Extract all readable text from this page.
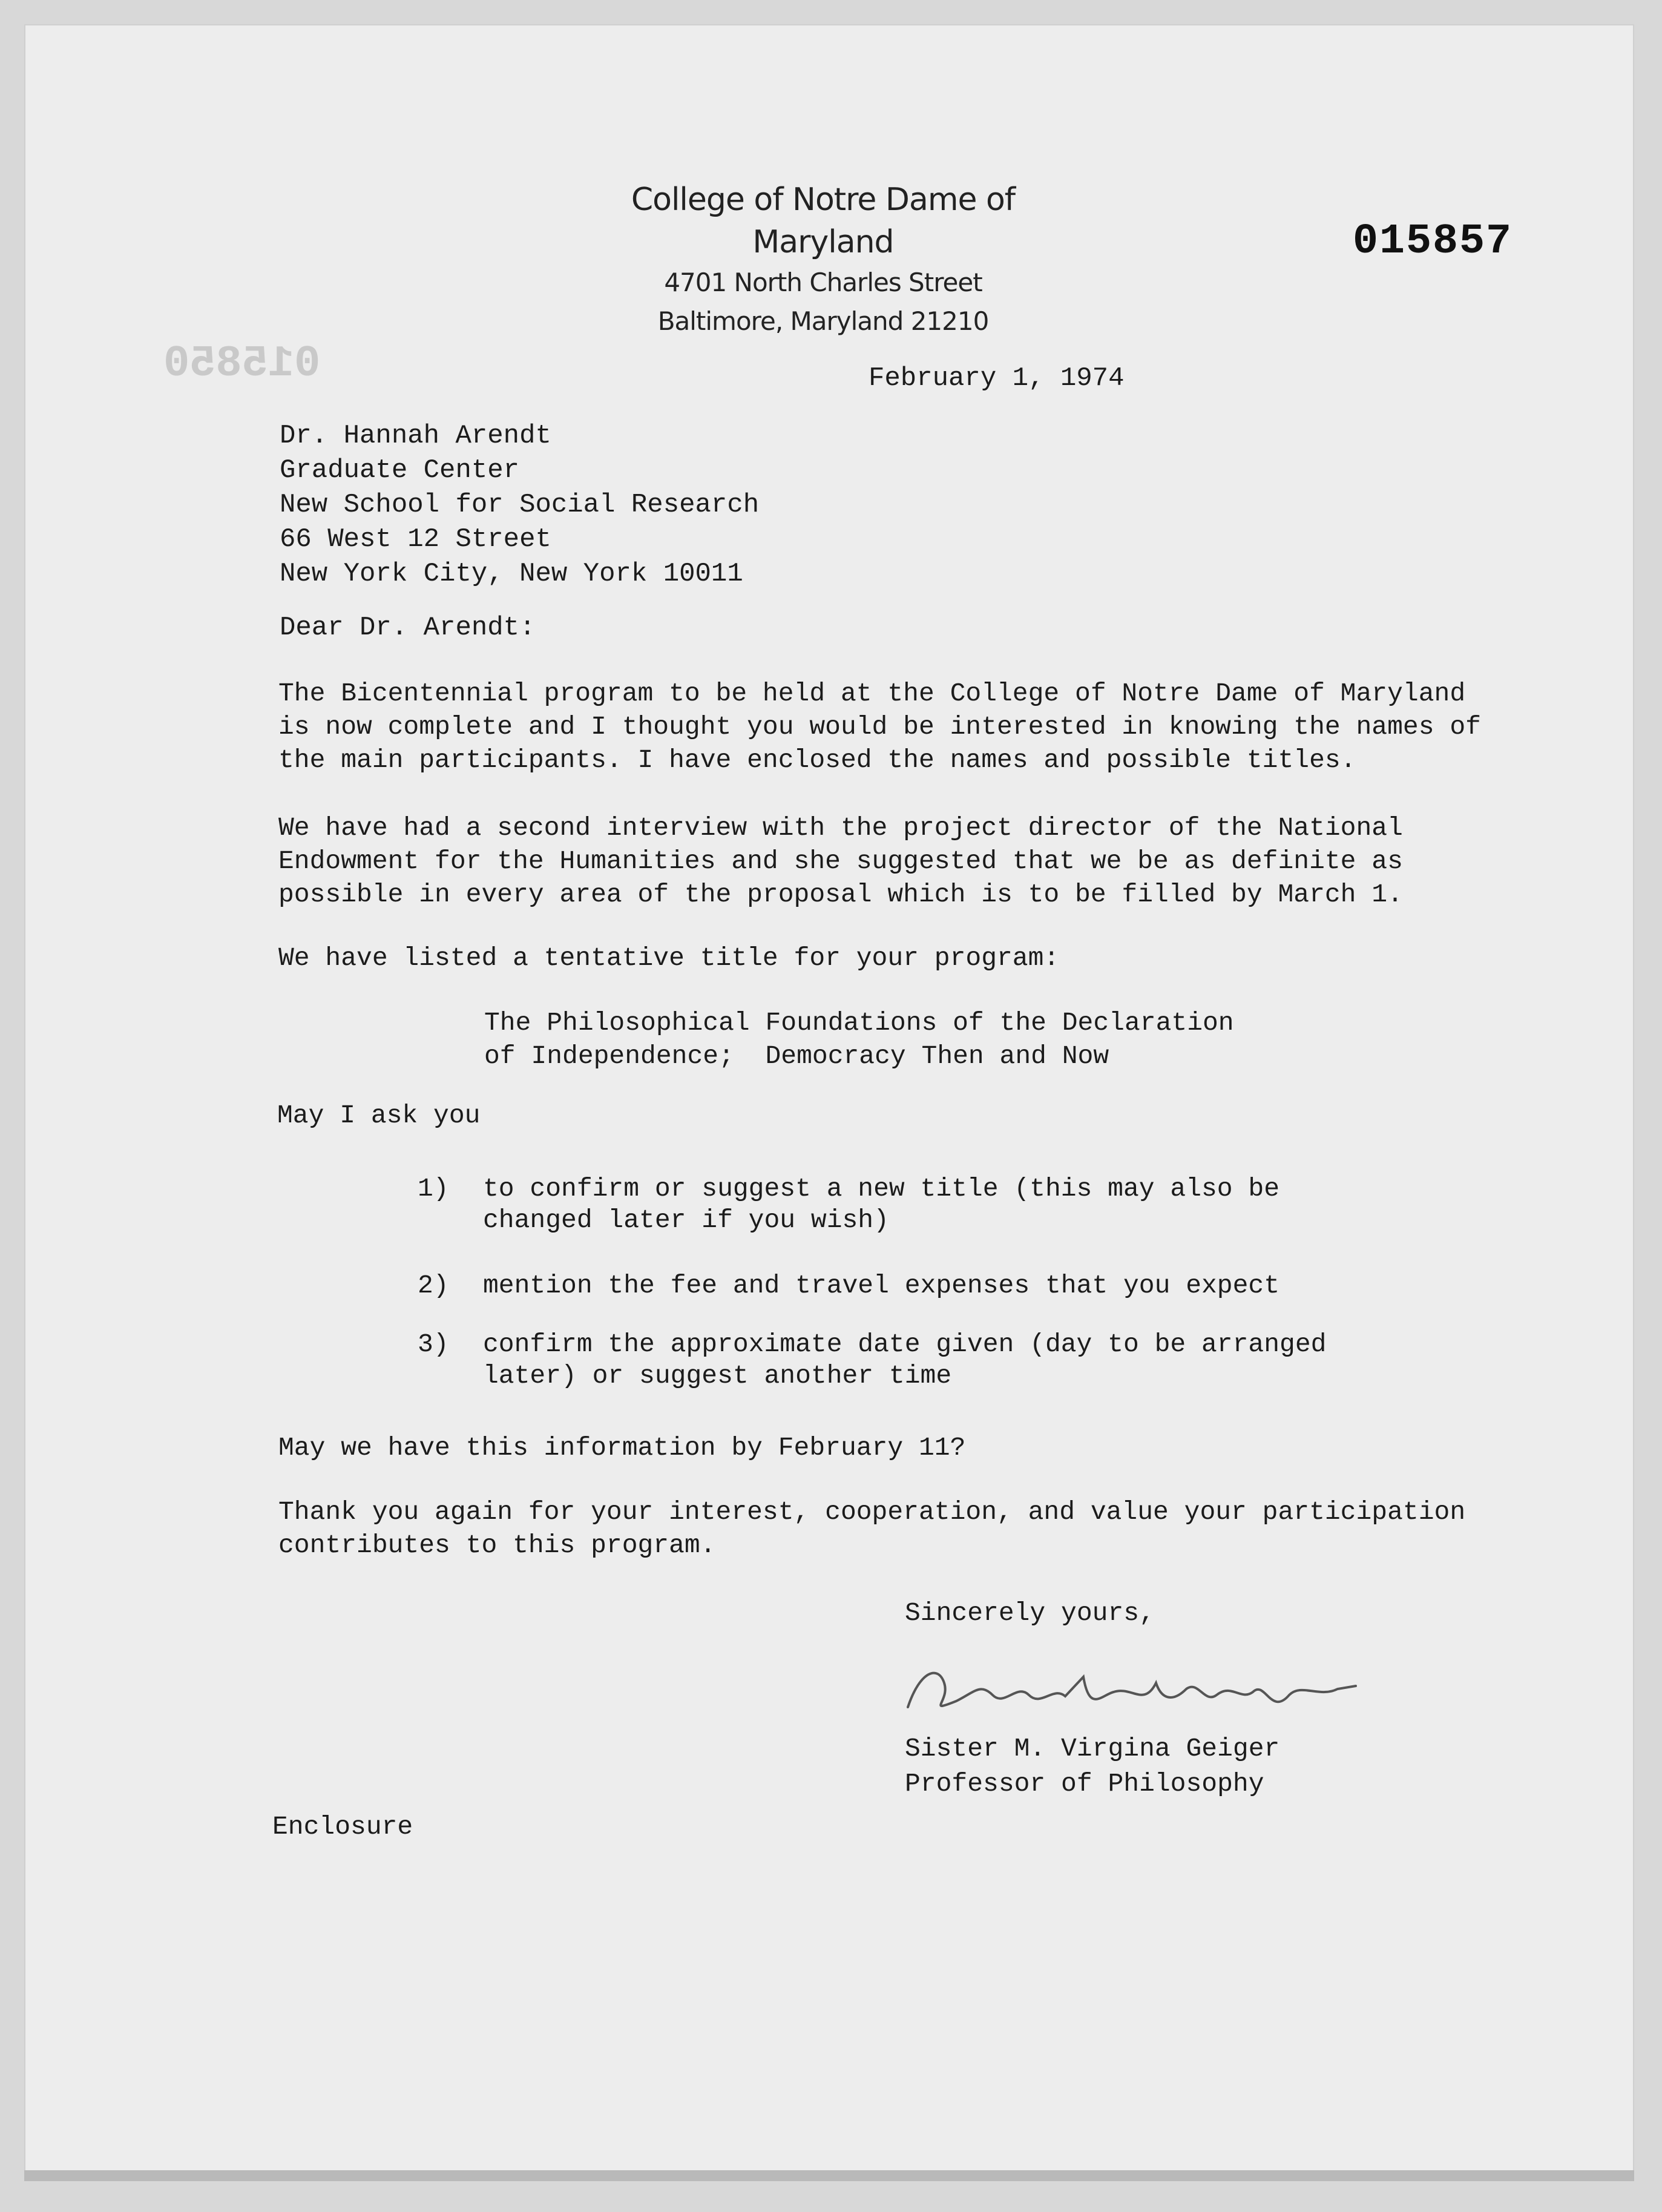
015850
College of Notre Dame of Maryland
4701 North Charles Street
Baltimore, Maryland 21210
015857
February 1, 1974
Dr. Hannah Arendt
Graduate Center
New School for Social Research
66 West 12 Street
New York City, New York 10011
Dear Dr. Arendt:
The Bicentennial program to be held at the College of Notre Dame of Maryland is now complete and I thought you would be interested in knowing the names of the main participants. I have enclosed the names and possible titles.
We have had a second interview with the project director of the National Endowment for the Humanities and she suggested that we be as definite as possible in every area of the proposal which is to be filled by March 1.
We have listed a tentative title for your program:
The Philosophical Foundations of the Declaration
of Independence;  Democracy Then and Now
May I ask you
1) to confirm or suggest a new title (this may also be changed later if you wish)
2) mention the fee and travel expenses that you expect
3) confirm the approximate date given (day to be arranged later) or suggest another time
May we have this information by February 11?
Thank you again for your interest, cooperation, and value your participation contributes to this program.
Sincerely yours,
Sister M. Virgina Geiger
Professor of Philosophy
Enclosure
